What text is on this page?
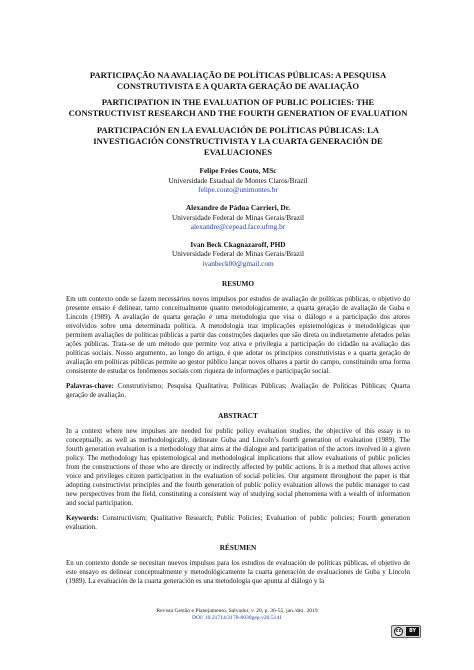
PARTICIPAÇÃO NA AVALIAÇÃO DE POLÍTICAS PÚBLICAS: A PESQUISA CONSTRUTIVISTA E A QUARTA GERAÇÃO DE AVALIAÇÃO
PARTICIPATION IN THE EVALUATION OF PUBLIC POLICIES: THE CONSTRUCTIVIST RESEARCH AND THE FOURTH GENERATION OF EVALUATION
PARTICIPACIÓN EN LA EVALUACIÓN DE POLÍTICAS PÚBLICAS: LA INVESTIGACIÓN CONSTRUCTIVISTA Y LA CUARTA GENERACIÓN DE EVALUACIONES
Felipe Fróes Couto, MSc
Universidade Estadual de Montes Claros/Brazil
felipe.couto@unimontes.br
Alexandre de Pádua Carrieri, Dr.
Universidade Federal de Minas Gerais/Brazil
alexandre@cepead.face.ufmg.br
Ivan Beck Ckagnazaroff, PHD
Universidade Federal de Minas Gerais/Brazil
ivanbeck00@gmail.com
RESUMO

Em um contexto onde se fazem necessários novos impulsos por estudos de avaliação de políticas públicas, o objetivo do presente ensaio é delinear, tanto conceitualmente quanto metodologicamente, a quarta geração de avaliação de Guba e Lincoln (1989). A avaliação de quarta geração é uma metodologia que visa o diálogo e a participação dos atores envolvidos sobre uma determinada política. A metodologia traz implicações epistemológicas e metodológicas que permitem avaliações de políticas públicas a partir das construções daqueles que são direta ou indiretamente afetados pelas ações públicas. Trata-se de um método que permite voz ativa e privilegia a participação do cidadão na avaliação das políticas sociais. Nosso argumento, ao longo do artigo, é que adotar os princípios construtivistas e a quarta geração de avaliação em políticas públicas permite ao gestor público lançar novos olhares a partir do campo, constituindo uma forma consistente de estudar os fenômenos sociais com riqueza de informações e participação social.

Palavras-chave: Construtivismo; Pesquisa Qualitativa; Políticas Públicas; Avaliação de Políticas Públicas; Quarta geração de avaliação.

ABSTRACT

In a context where new impulses are needed for public policy evaluation studies, the objective of this essay is to conceptually, as well as methodologically, delineate Guba and Lincoln’s fourth generation of evaluation (1989). The fourth generation evaluation is a methodology that aims at the dialogue and participation of the actors involved in a given policy. The methodology has epistemological and methodological implications that allow evaluations of public policies from the constructions of those who are directly or indirectly affected by public actions. It is a method that allows active voice and privileges citizen participation in the evaluation of social policies. Our argument throughout the paper is that adopting constructivist principles and the fourth generation of public policy evaluation allows the public manager to cast new perspectives from the field, constituting a consistent way of studying social phenomena with a wealth of information and social participation.

Keywords: Constructivism; Qualitative Research; Public Policies; Evaluation of public policies; Fourth generation evaluation.

RÉSUMEN

En un contexto donde se necesitan nuevos impulsos para los estudios de evaluación de políticas públicas, el objetivo de este ensayo es delinear conceptualmente y metodológicamente la cuarta generación de evaluaciones de Guba y Lincoln (1989). La evaluación de la cuarta generación es una metodología que apunta al diálogo y la

Revista Gestão e Planejamento, Salvador, v. 20, p. 36-55, jan./dez. 2019
DOI: 10.21714/2178-8030gep.v20.5141
cc	BY
